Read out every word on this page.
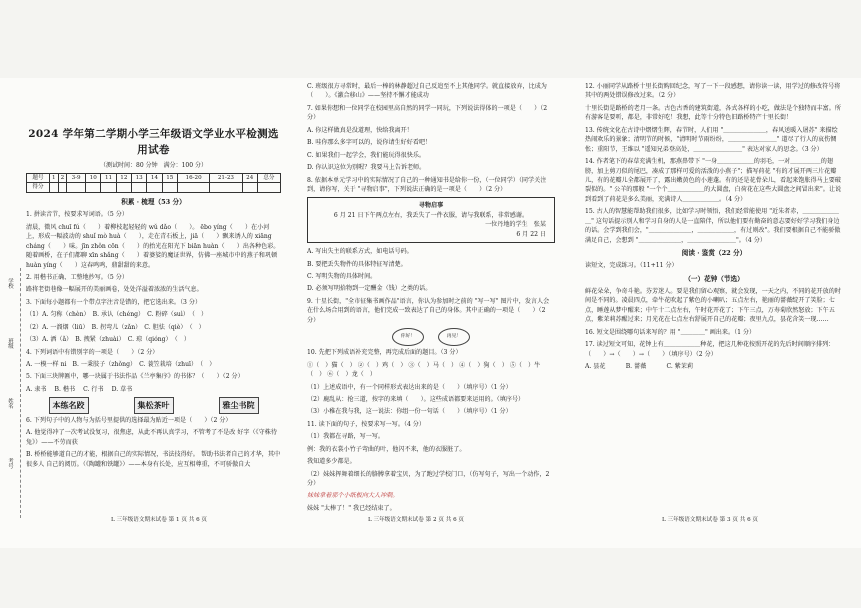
学校
班级
姓名
考号

2024 学年第二学期小学三年级语文学业水平检测选用试卷

（测试时间：80 分钟　满分：100 分）

题号	1	2	3-9	10	11	12	13	14	15	16-20	21-23	24	总分
得分													

积累 · 梳理（53 分）

1. 拼读音节，按要求写词语。（5 分）

清晨，微风 chuī fú（　　）着柳枝起轻轻的 wǔ dǎo（　　）。 ēbo yíng（　　）在小河上，形成一幅波动的 shuǐ mò huà（　　），走在青石板上，jiā（　　）飘来诱人的 xiāng cháng（　　）味。jīn zhǒn cōn（　　）的抬光在阳光下 biān huàn（　　）出各种色彩。随着画桥，在子们都聊 xīn shǎng（　　）着婆娑的魔证世界，仿佛一座城市中的燕子和巩顿 huàn yíng（　　）这春鸣鸣，鼎甜甜的来意。

2. 用楷书正确、工整地抄写。（5 分）

路将老街巷像一幅展开的美丽画卷，处处洋溢着浓浓的生活气息。

3. 下面每小题都有一个带点字注音是错的，把它选出来。（3 分）

（1）A. 匀称（chèn）　B. 承认（chéng）　C. 粉碎（suì）　（　）

（2）A. 一溜烟（liū）　B. 拐弯儿（zǎn）　C. 胆怯（qiè）　（　）

（3）A. 洒（ǎ）　B. 拽紧（zhuài）　C. 琼（qióng）　（　）

4. 下列词语中有错别字的一项是（　　）（2 分）

A. 一模一样 ni　B. 一秉肢子（zhǒng）　C. 蓑笠栽培（zhuī）　（　）

5. 下面三块牌匾中，哪一块属于书法作品《兰亭集序》的书体？（　　）（2 分）

A. 隶书　 B. 楷书　 C. 行书　 D. 草书

本练名跤	集松茶叶	雅尘书院

6. 下列句子中的人物与为括号里提供的选择最为贴近一项是（　　）（2 分）

A. 他觉得冲了一次考试没复习，很焦虑，从此不再认真学习，不管考了不是改 好字（《守株待兔》）——不劳而获

B. 桥桥能够道自己的才能，根据自己的实际情况，书法技得好。 帮助书法者自己的才华，其中很多人 自己的阅历。（《陶罐和铁罐》）——本身有长处，应互相尊重，不可骄傲自大

C. 班级很方寻常时，最后一棒的林静超过自己反追至不上其他同学。就直接放弃，比成为（　　）。《激合移山》——坚持不懈才能成功

7. 如果你想和一位同学在校园里高自然的同学一同玩，下列说法得体的一项是（　　）（2 分）

A. 你这样做真是没道理，快给我离开！

B. 哇你那么多字可以的，说你请生好好看吧！

C. 如果我们一起学会，我们能玩得很快乐。

D. 你认识这位为别喔？我要马上告诉老师。

8. 依据本单元学习中的实际情况了自己的一种通知书是给你一份，（一位同学）（同学关注到，请你写，关于 "寻物启事"，下列说法正确的是一项是（　　）（2 分）

寻物启事
6 月 21 日下午两点左右，我丢失了一件衣服，请与我联系，非常感谢。
一位丹地的学生　张某
6 月 22 日

A. 写出失主的联系方式，如电话号码。

B. 要把丢失物件的具体特征写清楚。

C. 写明失物的具体时间。

D. 必须写明拾物到一定酬金（钱）之类的话。

9. 十星长街，"全市征集书画作品"语言，你认为参加时之前的 "写一写" 图片中，发言人会在什么场合用到的语言，他们完成一致表达了自己的身体。其中正确的一项是（　　）（2 分）

你好！	再见！

10. 先把下列成语补充完整，再完成后面的题目。（3 分）

①（　）猫（　） ②（　）鸡（　） ③（　）马（　） ④（　）狗（　） ⑤（　）牛（　） ⑥（　）龙（　）

（1）上述成语中，有一个同样形式表达出来的是（　　）（填序号）（1 分）

（2）鹿乱从：抢三道，按字的来填（　　）。这些成语都要来运用的。（填序号）

（3）小稚在我与我，这一说法：你组一份一句话（　　）（填序号）（1 分）

11. 读下面的句子，按要求写一写。（4 分）

（1）我都在寻路，写一写。

例：我的衣裳小竹子弯曲的叶，他闪不来，他的衣服脏了。

我知道多少都是。

（2）妹妹挥舞着细长的胳膊拿着宝贝，为了跑过学校门口，（仿写句子，写出一个动作，2 分）

妹妹拿着那个小纸板向大人冲刺。

妹妹 "太棒了！" 我已经结束了。

12. 小丽同学从路桥十里长街购回纪念，写了一下一段感想，请你读一读，用学过的修改符号将其中的两处错误修改过来。（2 分）

十里长街是路桥的老月一条。古色古香的建筑街道，各式各样的小吃，做法是个独特而丰富。所有游客是要听，都是，非常好吃！我想，此等十分特色旧路桥特产十里长街！

13. 传统文化在古诗中熠熠生辉，春节时，人们用 "＿＿＿＿＿＿＿，春风送暖入屠苏" 来描绘热闹欢乐的景象；清明节的时候，"清明时节雨纷纷，＿＿＿＿＿＿＿＿" 道尽了行人的哀伤惆怅；重阳节，王维以 "遥知兄弟登高处，＿＿＿＿＿＿＿＿" 表达对家人的思念。（3 分）

14. 作者笔下的春草充满生机，那燕鼻带下 "一身＿＿＿＿＿＿的羽毛，一对＿＿＿＿＿的翅膀，加上剪刀似的尾巴，凑成了那样可爱的活泼的小燕子"；描写荷花 "有的才展开两三片花瓣儿，有的花瓣儿全都展开了，露出嫩黄色的小莲蓬。有的还是花骨朵儿，看起来饱胀得马上要破裂似的。" 公羊的那般 "一个个＿＿＿＿＿＿的大圆盘，白荷花在这些大圆盘之间冒出来"。让说到看到了荷花是多么美丽，充满诗人＿＿＿＿＿＿。（4 分）

15. 古人的智慧能帮助我们很多，比如学习时领悟，我们经常能使用 "近朱者赤，＿＿＿＿＿＿＿" 这句话提示别人和学习自身的人是一直陪伴，所以他们要有勤奋的意志要好好学习我们身边的话。会学到我们会，"＿＿＿＿＿＿＿，＿＿＿＿＿＿，有过则改"。我们要根据自己不能骄傲满足自己，会想到 "＿＿＿＿＿＿＿，＿＿＿＿＿＿＿＿"。（4 分）

阅读 · 鉴赏（22 分）

读短文，完成练习。（11+11 分）

（一）花钟（节选）

鲜花朵朵，争奇斗艳。芬芳迷人。要是我们留心观察，就会发现，一天之内，不同的花开放的时间是不同的。凌晨四点，牵牛花吹起了紫色的小喇叭；五点左右，艳丽的蔷薇绽开了笑脸；七点，睡莲从梦中醒来；中午十二点左右，午时花开花了；下午三点，万寿菊欣然怒放；下午五点，紫茉莉苏醒过来；月光花在七点左右舒展开自己的花瓣；夜里九点，昙花含笑一现……

16. 短文是围绕哪句话来写的？用 "＿＿＿＿" 画出来。（1 分）

17. 读过短文可知，花钟上有＿＿＿＿＿＿种花，把这几种花按照开花的先后时间顺序排列：（　　）→（　　）→（　　）（填序号）（2 分）

A. 昙花　　　	B. 蔷薇　　　	C. 紫茉莉

L 三年级语文期末试卷 第 1 页 共 6 页	L 三年级语文期末试卷 第 2 页 共 6 页	L 三年级语文期末试卷 第 3 页 共 6 页
